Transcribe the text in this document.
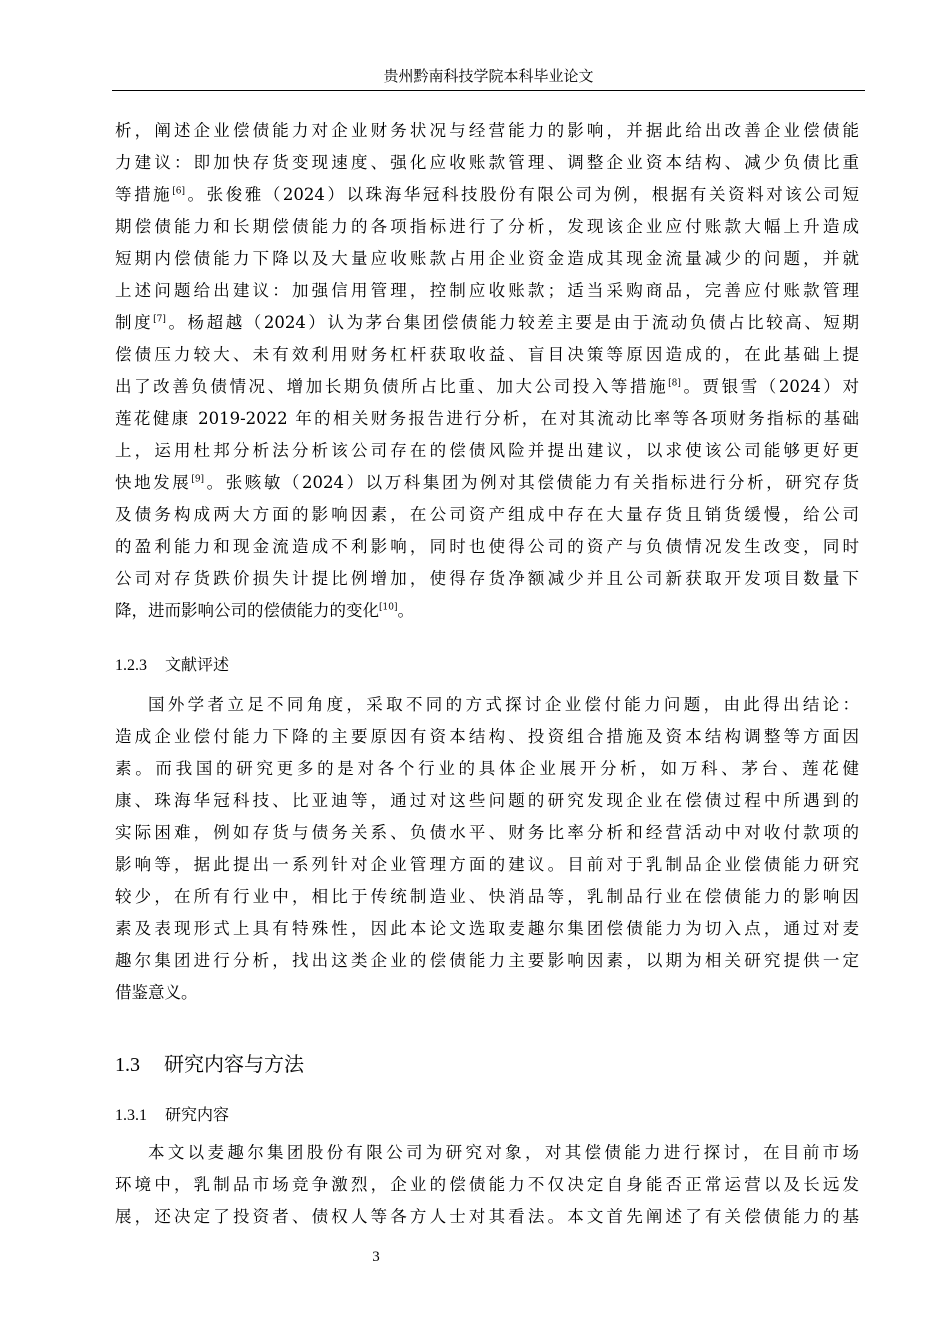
贵州黔南科技学院本科毕业论文
析，阐述企业偿债能力对企业财务状况与经营能力的影响，并据此给出改善企业偿债能
力建议：即加快存货变现速度、强化应收账款管理、调整企业资本结构、减少负债比重
等措施[6]。张俊雅（2024）以珠海华冠科技股份有限公司为例，根据有关资料对该公司短
期偿债能力和长期偿债能力的各项指标进行了分析，发现该企业应付账款大幅上升造成
短期内偿债能力下降以及大量应收账款占用企业资金造成其现金流量减少的问题，并就
上述问题给出建议：加强信用管理，控制应收账款；适当采购商品，完善应付账款管理
制度[7]。杨超越（2024）认为茅台集团偿债能力较差主要是由于流动负债占比较高、短期
偿债压力较大、未有效利用财务杠杆获取收益、盲目决策等原因造成的，在此基础上提
出了改善负债情况、增加长期负债所占比重、加大公司投入等措施[8]。贾银雪（2024）对
莲花健康 2019-2022 年的相关财务报告进行分析，在对其流动比率等各项财务指标的基础
上，运用杜邦分析法分析该公司存在的偿债风险并提出建议，以求使该公司能够更好更
快地发展[9]。张赅敏（2024）以万科集团为例对其偿债能力有关指标进行分析，研究存货
及债务构成两大方面的影响因素，在公司资产组成中存在大量存货且销货缓慢，给公司
的盈利能力和现金流造成不利影响，同时也使得公司的资产与负债情况发生改变，同时
公司对存货跌价损失计提比例增加，使得存货净额减少并且公司新获取开发项目数量下
降，进而影响公司的偿债能力的变化[10]。
1.2.3 文献评述
国外学者立足不同角度，采取不同的方式探讨企业偿付能力问题，由此得出结论：
造成企业偿付能力下降的主要原因有资本结构、投资组合措施及资本结构调整等方面因
素。而我国的研究更多的是对各个行业的具体企业展开分析，如万科、茅台、莲花健
康、珠海华冠科技、比亚迪等，通过对这些问题的研究发现企业在偿债过程中所遇到的
实际困难，例如存货与债务关系、负债水平、财务比率分析和经营活动中对收付款项的
影响等，据此提出一系列针对企业管理方面的建议。目前对于乳制品企业偿债能力研究
较少，在所有行业中，相比于传统制造业、快消品等，乳制品行业在偿债能力的影响因
素及表现形式上具有特殊性，因此本论文选取麦趣尔集团偿债能力为切入点，通过对麦
趣尔集团进行分析，找出这类企业的偿债能力主要影响因素，以期为相关研究提供一定
借鉴意义。
1.3 研究内容与方法
1.3.1 研究内容
本文以麦趣尔集团股份有限公司为研究对象，对其偿债能力进行探讨，在目前市场
环境中，乳制品市场竞争激烈，企业的偿债能力不仅决定自身能否正常运营以及长远发
展，还决定了投资者、债权人等各方人士对其看法。本文首先阐述了有关偿债能力的基
3
